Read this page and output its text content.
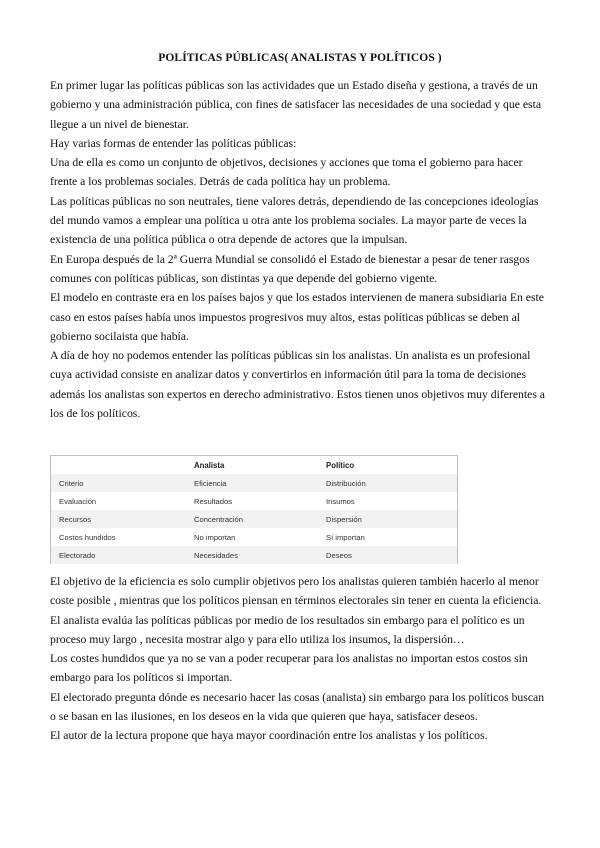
POLÍTICAS PÚBLICAS( ANALISTAS Y POLÍTICOS )

En primer lugar las políticas públicas son las actividades que un Estado diseña y gestiona, a través de un gobierno y una administración pública, con fines de satisfacer las necesidades de una sociedad y que esta llegue a un nivel de bienestar.

Hay varias formas de entender las políticas públicas:

Una de ella es como un conjunto de objetivos, decisiones y acciones que toma el gobierno para hacer frente a los problemas sociales. Detrás de cada política hay un problema.

Las políticas públicas no son neutrales, tiene valores detrás, dependiendo de las concepciones ideologías del mundo vamos a emplear una política u otra ante los problema sociales. La mayor parte de veces la existencia de una política pública o otra depende de actores que la impulsan.

En Europa después de la 2ª Guerra Mundial se consolidó el Estado de bienestar a pesar de tener rasgos comunes con políticas públicas, son distintas ya que depende del gobierno vigente.

El modelo en contraste era en los países bajos y que los estados intervienen de manera subsidiaria En este caso en estos países había unos impuestos progresivos muy altos, estas políticas públicas se deben al gobierno socilaista que había.

A día de hoy no podemos entender las políticas públicas sin los analistas. Un analista es un profesional cuya actividad consiste en analizar datos y convertirlos en información útil para la toma de decisiones además los analistas son expertos en derecho administrativo. Estos tienen unos objetivos muy diferentes a los de los políticos.

	Analista	Político
Criterio	Eficiencia	Distribución
Evaluación	Resultados	Insumos
Recursos	Concentración	Dispersión
Costos hundidos	No importan	Sí importan
Electorado	Necesidades	Deseos

El objetivo de la eficiencia es solo cumplir objetivos pero los analistas quieren también hacerlo al menor coste posible , mientras que los políticos piensan en términos electorales sin tener en cuenta la eficiencia.

El analista evalúa las políticas públicas por medio de los resultados sin embargo para el político es un proceso muy largo , necesita mostrar algo y para ello utiliza los insumos, la dispersión…

Los costes hundidos que ya no se van a poder recuperar para los analistas no importan estos costos sin embargo para los políticos si importan.

El electorado pregunta dónde es necesario hacer las cosas (analista) sin embargo para los políticos buscan o se basan en las ilusiones, en los deseos en la vida que quieren que haya, satisfacer deseos.

El autor de la lectura propone que haya mayor coordinación entre los analistas y los políticos.
